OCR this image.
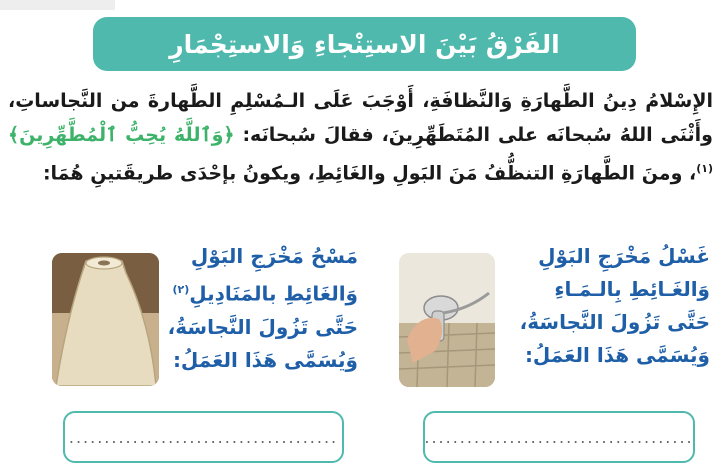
الفَرْقُ بَيْنَ الاستِنْجاءِ وَالاستِجْمَارِ
الإِسْلامُ دِينُ الطَّهارَةِ وَالنَّظافَةِ، أَوْجَبَ عَلَى الـمُسْلِمِ الطَّهارةَ من النَّجاساتِ، وأَثْنَى اللهُ سُبحانَه على المُتَطَهِّرِينَ، فقالَ سُبحانَه: ﴿وَٱللَّهُ يُحِبُّ ٱلْمُطَّهِّرِينَ﴾$^{(١)}$، ومنَ الطَّهارَةِ التنظُّفُ مَنَ البَولِ والغَائِطِ، ويكونُ بإحْدَى طريقَتينِ هُمَا:
غَسْلُ مَخْرَجِ البَوْلِ
وَالغَـائِطِ بِالـمَـاءِ
حَتَّى تَزُولَ النَّجاسَةُ،
وَيُسَمَّى هَذَا العَمَلُ:
مَسْحُ مَخْرَجِ البَوْلِ
وَالغَائِطِ بالمَنَادِيلِ$^{(٢)}$
حَتَّى تَزُولَ النَّجاسَةُ،
وَيُسَمَّى هَذَا العَمَلُ:
......................................
......................................
